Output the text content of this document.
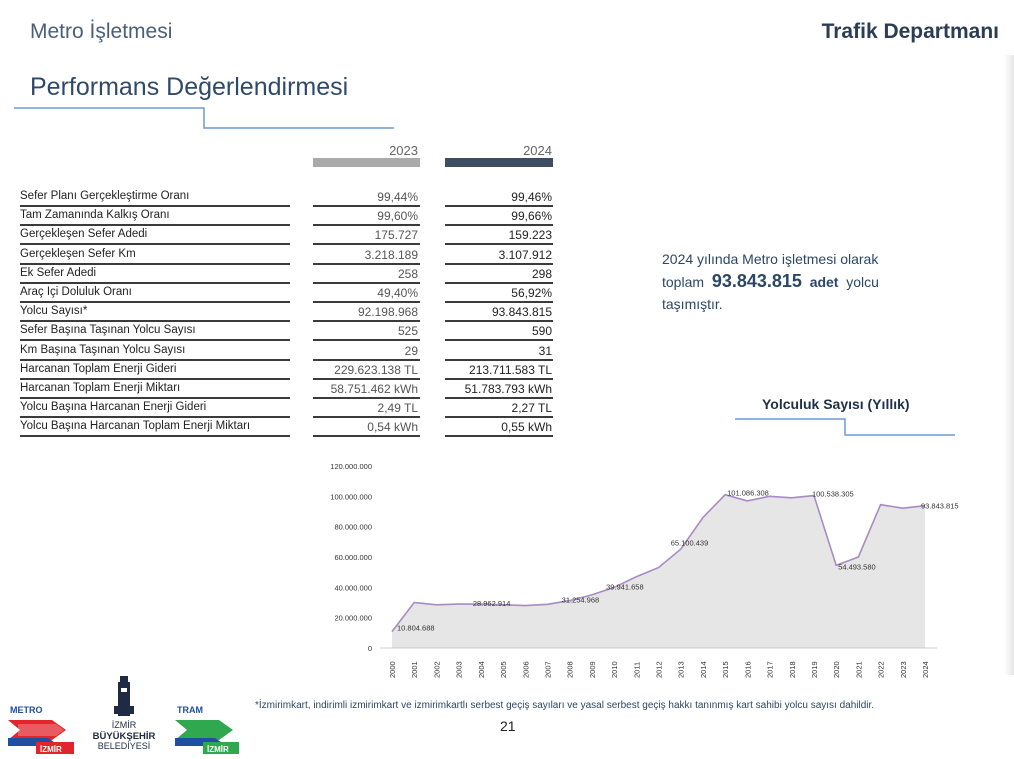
Metro İşletmesi	Trafik Departmanı
Performans Değerlendirmesi
2023	2024
Sefer Planı Gerçekleştirme Oranı	99,44%	99,46%
Tam Zamanında Kalkış Oranı	99,60%	99,66%
Gerçekleşen Sefer Adedi	175.727	159.223
Gerçekleşen Sefer Km	3.218.189	3.107.912
Ek Sefer Adedi	258	298
Araç İçi Doluluk Oranı	49,40%	56,92%
Yolcu Sayısı*	92.198.968	93.843.815
Sefer Başına Taşınan Yolcu Sayısı	525	590
Km Başına Taşınan Yolcu Sayısı	29	31
Harcanan Toplam Enerji Gideri	229.623.138 TL	213.711.583 TL
Harcanan Toplam Enerji Miktarı	58.751.462 kWh	51.783.793 kWh
Yolcu Başına Harcanan Enerji Gideri	2,49 TL	2,27 TL
Yolcu Başına Harcanan Toplam Enerji Miktarı	0,54 kWh	0,55 kWh
2024 yılında Metro işletmesi olarak
toplam 93.843.815 adet yolcu
taşımıştır.
Yolculuk Sayısı (Yıllık)
0
20.000.000
40.000.000
60.000.000
80.000.000
100.000.000
120.000.000
2000 2001 2002 2003 2004 2005 2006 2007 2008 2009 2010 2011 2012 2013 2014 2015 2016 2017 2018 2019 2020 2021 2022 2023 2024
10.804.688
28.962.914	31.254.968
39.941.658
65.100.439
101.086.308	100.538.305
54.493.580
93.843.815
*İzmirimkart, indirimli izmirimkart ve izmirimkartlı serbest geçiş sayıları ve yasal serbest geçiş hakkı tanınmış kart sahibi yolcu sayısı dahildir.
21
METRO
İZMİR
İZMİR
BÜYÜKŞEHİR
BELEDİYESİ
TRAM
İZMİR
